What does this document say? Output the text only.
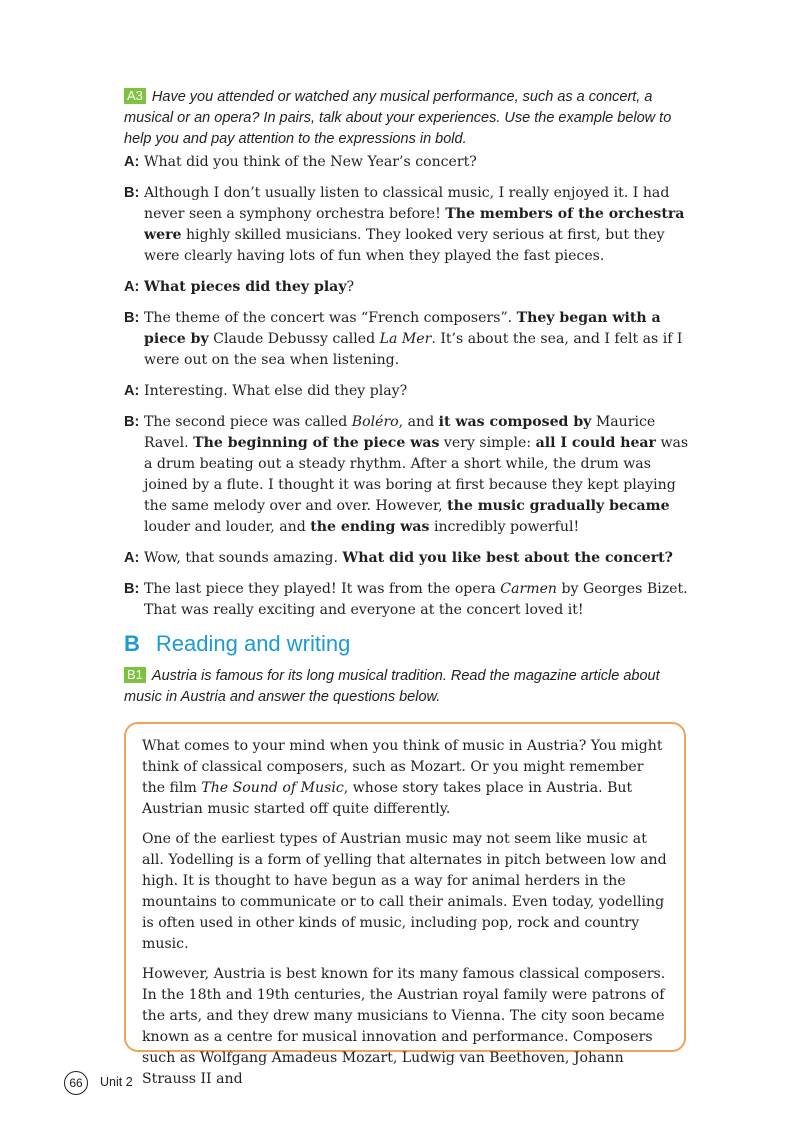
A3 Have you attended or watched any musical performance, such as a concert, a musical or an opera? In pairs, talk about your experiences. Use the example below to help you and pay attention to the expressions in bold.
A: What did you think of the New Year’s concert?
B: Although I don’t usually listen to classical music, I really enjoyed it. I had never seen a symphony orchestra before! The members of the orchestra were highly skilled musicians. They looked very serious at first, but they were clearly having lots of fun when they played the fast pieces.
A: What pieces did they play?
B: The theme of the concert was “French composers”. They began with a piece by Claude Debussy called La Mer. It’s about the sea, and I felt as if I were out on the sea when listening.
A: Interesting. What else did they play?
B: The second piece was called Boléro, and it was composed by Maurice Ravel. The beginning of the piece was very simple: all I could hear was a drum beating out a steady rhythm. After a short while, the drum was joined by a flute. I thought it was boring at first because they kept playing the same melody over and over. However, the music gradually became louder and louder, and the ending was incredibly powerful!
A: Wow, that sounds amazing. What did you like best about the concert?
B: The last piece they played! It was from the opera Carmen by Georges Bizet. That was really exciting and everyone at the concert loved it!
B Reading and writing
B1 Austria is famous for its long musical tradition. Read the magazine article about music in Austria and answer the questions below.

What comes to your mind when you think of music in Austria? You might think of classical composers, such as Mozart. Or you might remember the film The Sound of Music, whose story takes place in Austria. But Austrian music started off quite differently.

One of the earliest types of Austrian music may not seem like music at all. Yodelling is a form of yelling that alternates in pitch between low and high. It is thought to have begun as a way for animal herders in the mountains to communicate or to call their animals. Even today, yodelling is often used in other kinds of music, including pop, rock and country music.

However, Austria is best known for its many famous classical composers. In the 18th and 19th centuries, the Austrian royal family were patrons of the arts, and they drew many musicians to Vienna. The city soon became known as a centre for musical innovation and performance. Composers such as Wolfgang Amadeus Mozart, Ludwig van Beethoven, Johann Strauss II and

66	Unit 2
